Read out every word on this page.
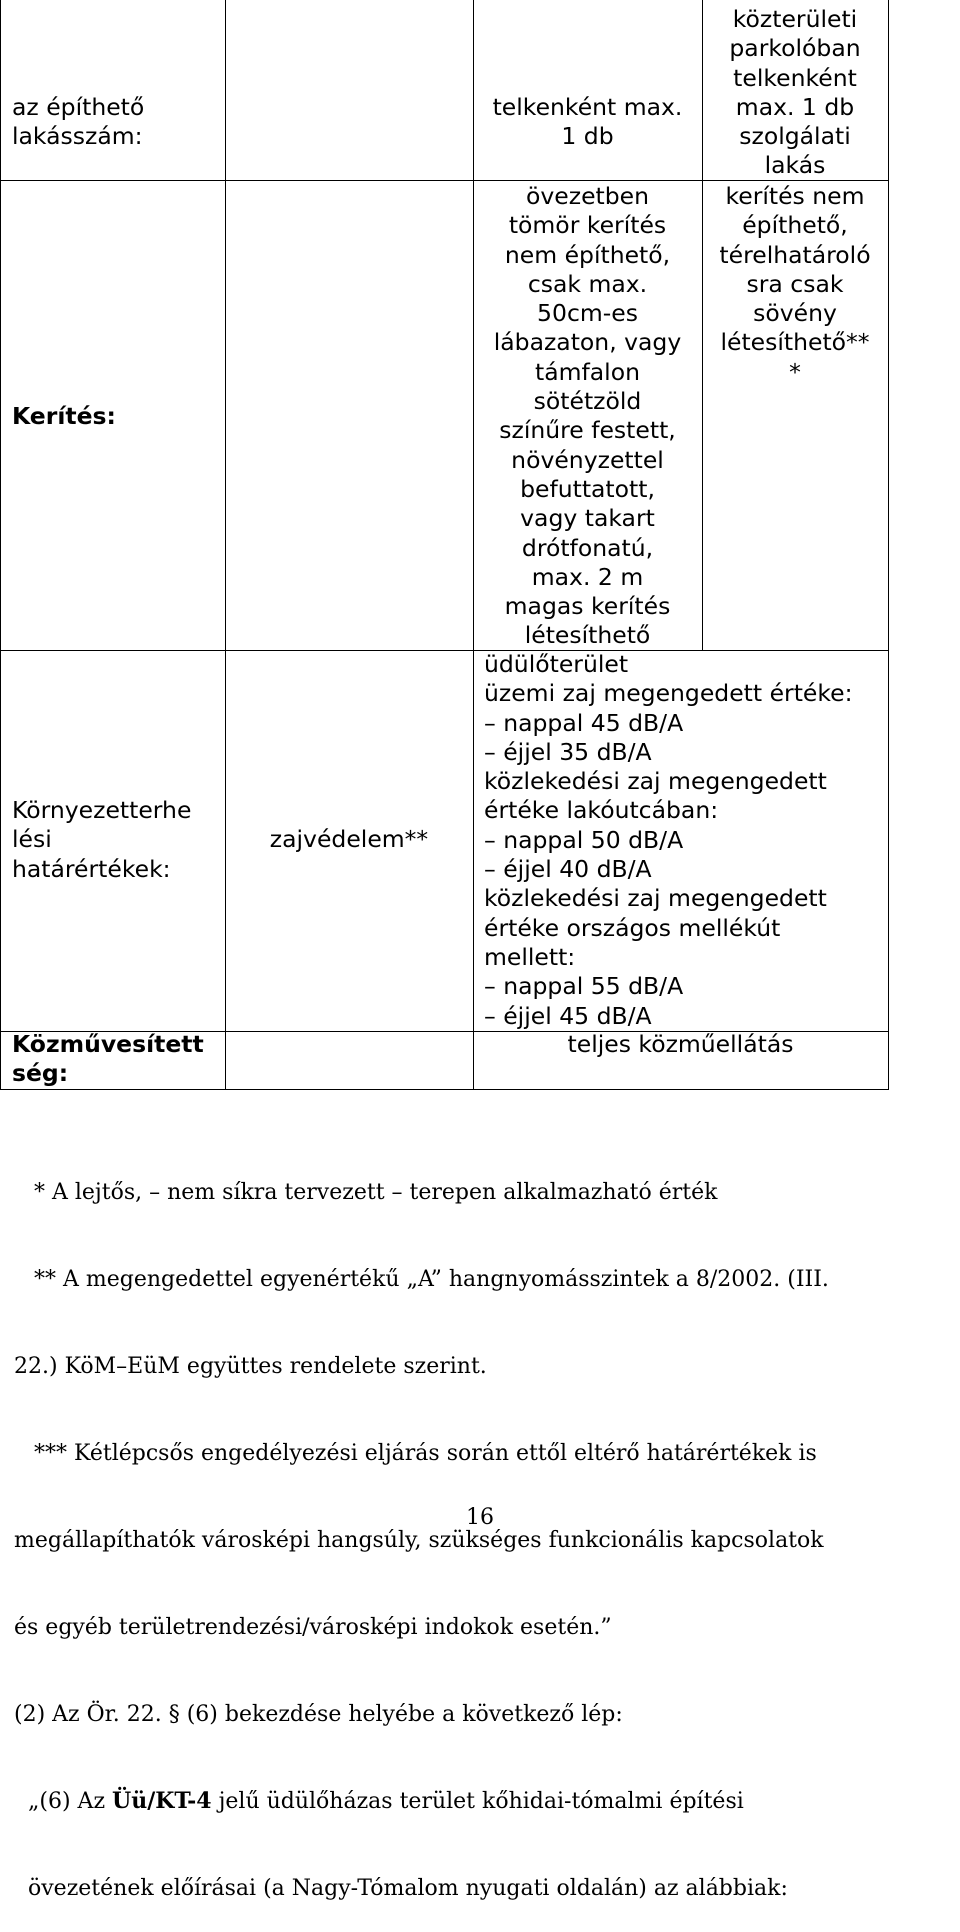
az építhető
lakásszám:
telkenként max.
1 db
közterületi
parkolóban
telkenként
max. 1 db
szolgálati
lakás
Kerítés:
övezetben
tömör kerítés
nem építhető,
csak max.
50cm-es
lábazaton, vagy
támfalon
sötétzöld
színűre festett,
növényzettel
befuttatott,
vagy takart
drótfonatú,
max. 2 m
magas kerítés
létesíthető
kerítés nem
építhető,
térelhatároló
sra csak
sövény
létesíthető**
*
Környezetterhe
lési
határértékek:
zajvédelem**
üdülőterület
üzemi zaj megengedett értéke:
– nappal 45 dB/A
– éjjel 35 dB/A
közlekedési zaj megengedett
értéke lakóutcában:
– nappal 50 dB/A
– éjjel 40 dB/A
közlekedési zaj megengedett
értéke országos mellékút
mellett:
– nappal 55 dB/A
– éjjel 45 dB/A
Közművesített
ség:
teljes közműellátás

* A lejtős, – nem síkra tervezett – terepen alkalmazható érték

** A megengedettel egyenértékű „A” hangnyomásszintek a 8/2002. (III.

22.) KöM–EüM együttes rendelete szerint.

*** Kétlépcsős engedélyezési eljárás során ettől eltérő határértékek is

megállapíthatók városképi hangsúly, szükséges funkcionális kapcsolatok

és egyéb területrendezési/városképi indokok esetén.”

(2) Az Ör. 22. § (6) bekezdése helyébe a következő lép:

„(6) Az Üü/KT-4 jelű üdülőházas terület kőhidai-tómalmi építési

övezetének előírásai (a Nagy-Tómalom nyugati oldalán) az alábbiak:

16
